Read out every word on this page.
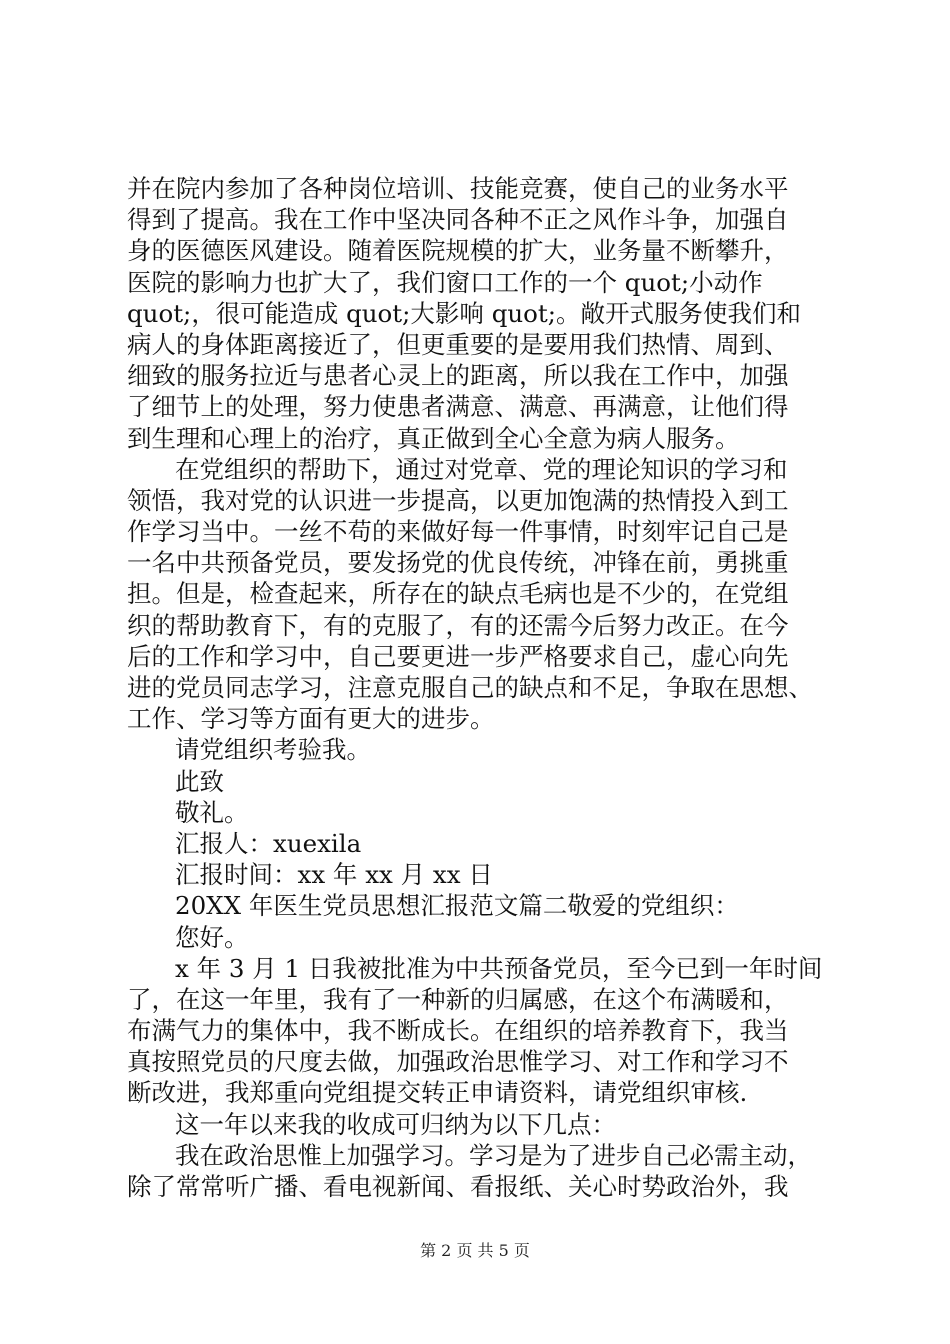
并在院内参加了各种岗位培训、技能竞赛，使自己的业务水平
得到了提高。我在工作中坚决同各种不正之风作斗争，加强自
身的医德医风建设。随着医院规模的扩大，业务量不断攀升，
医院的影响力也扩大了，我们窗口工作的一个 quot;小动作
quot;，很可能造成 quot;大影响 quot;。敞开式服务使我们和
病人的身体距离接近了，但更重要的是要用我们热情、周到、
细致的服务拉近与患者心灵上的距离，所以我在工作中，加强
了细节上的处理，努力使患者满意、满意、再满意，让他们得
到生理和心理上的治疗，真正做到全心全意为病人服务。
在党组织的帮助下，通过对党章、党的理论知识的学习和
领悟，我对党的认识进一步提高，以更加饱满的热情投入到工
作学习当中。一丝不苟的来做好每一件事情，时刻牢记自己是
一名中共预备党员，要发扬党的优良传统，冲锋在前，勇挑重
担。但是，检查起来，所存在的缺点毛病也是不少的，在党组
织的帮助教育下，有的克服了，有的还需今后努力改正。在今
后的工作和学习中，自己要更进一步严格要求自己，虚心向先
进的党员同志学习，注意克服自己的缺点和不足，争取在思想、
工作、学习等方面有更大的进步。
请党组织考验我。
此致
敬礼。
汇报人：xuexila
汇报时间：xx 年 xx 月 xx 日
20XX 年医生党员思想汇报范文篇二敬爱的党组织：
您好。
x 年 3 月 1 日我被批准为中共预备党员，至今已到一年时间
了，在这一年里，我有了一种新的归属感，在这个布满暖和，
布满气力的集体中，我不断成长。在组织的培养教育下，我当
真按照党员的尺度去做，加强政治思惟学习、对工作和学习不
断改进，我郑重向党组提交转正申请资料，请党组织审核.
这一年以来我的收成可归纳为以下几点：
我在政治思惟上加强学习。学习是为了进步自己必需主动，
除了常常听广播、看电视新闻、看报纸、关心时势政治外，我
第 2 页 共 5 页
